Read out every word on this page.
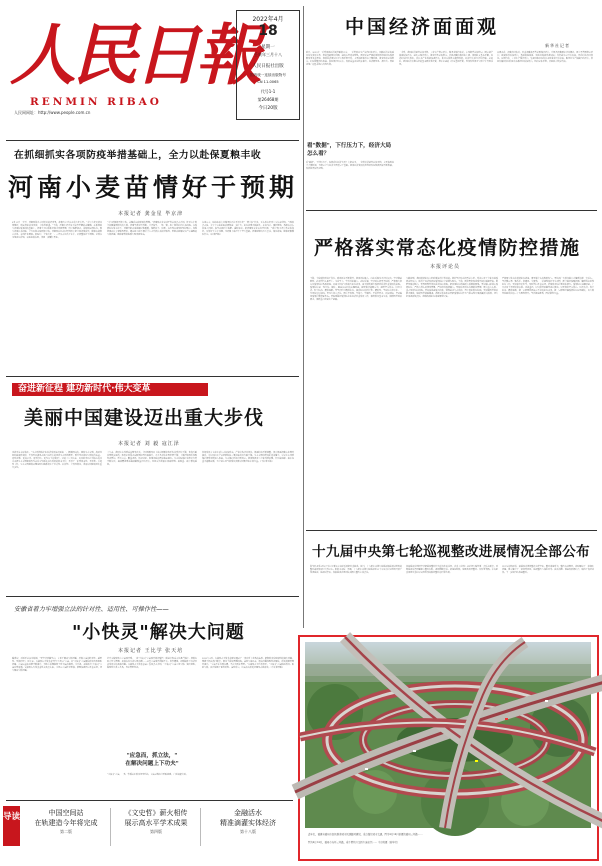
人民日報
RENMIN RIBAO
人民网网址：http://www.people.com.cn
2022年4月
18
星期一
壬寅年三月十八
人民日报社出版
国内统一连续出版物号
CN 11-0065
代号1-1
第26468期
今日20版
中国经济面面观
新华社记者
近日，2022年一季度国民经济运行数据公布，一季度国内生产总值同比增长，国民经济总体延续恢复发展态势，稳的基础继续巩固，进的态势更加明显。面对复杂严峻的国际环境和国内疫情散发等多重考验，我国经济顶住压力实现平稳开局，主要指标保持在合理区间，就业物价总体稳定，结构调整持续推进，新动能持续成长，发展质量效益稳步提升，经济韧性足、潜力大、回旋余地广的基本特点没有改变。
一季度，我国经济运行总体平稳，工业生产稳定增长，服务业保持恢复，市场销售总体稳定，固定资产投资较快增长，进出口保持增长，就业形势总体稳定，居民消费价格温和上涨，国际收支基本平衡，经济结构持续优化，高技术产业投资快速增长，新业态新模式蓬勃发展，经济增长动力持续增强。总的看，我国经济长期向好的基本面没有改变，稳中求进的工作总基调不变，有条件有能力实现全年目标任务。
从需求看，消费持续恢复，社会消费品零售总额保持增长，升级类消费需求持续释放，网上零售额稳定增长；投资保持较快增长，基础设施投资、制造业投资增速加快；外贸进出口增长较快，贸易结构持续优化。从供给看，工业生产保持增长，装备制造业和高技术制造业增长较快，服务业生产指数持续增长，信息传输软件和信息技术服务业较快增长。物价总体平稳，居民收入稳步增加。
看"数据"，下行压力下，经济大局怎么看？
看"数据"，下行压力下，如何看待经济大局？专家认为，一季度经济运行总体平稳，主要指标处于合理区间，为稳定全年经济大盘奠定了基础。我国经济发展的有利条件和积极因素不断积累，发展前景依然光明。
在抓细抓实各项防疫举措基础上，全力以赴保夏粮丰收
河南小麦苗情好于预期
本报记者 龚金星 毕京津
4月15日一大早，河南省新乡市原阳县的麦田里，种粮大户正在查看小麦长势。"今年小麦苗情比预期好，病虫害防治也及时，丰收有希望。"当前，河南小麦正处于拔节孕穗的关键期。在抓细抓实各项防疫举措的基础上，河南全力以赴抓好春季田间管理，科学施肥浇水，加强病虫害防控，落实各项技术措施，全力以赴夺取夏粮丰收。河南省农业农村厅组织专家分赴各地指导，确保农资供应充足、农机作业顺畅。据统计，全省小麦一、二类苗占比高于往年，苗情整体好于预期。记者在多地走访看到，农民抢抓农时，田间一派繁忙景象。
"今年夏粮能不能丰收，关键看这段时间的管理。"河南省农业农村厅有关负责人介绍，针对去年秋冬种晚播面积大的实际，河南早谋划早部署，分类指导，一地一策，推广促弱转壮技术措施。在疫情防控常态化下，河南开辟农资运输绿色通道，保障种子、化肥、农药等农资及时到村到户。各地组建农技专家服务团队，通过线上线下相结合方式开展技术指导服务，帮助农民解决生产中遇到的实际问题，确保春管措施落实到田间地头。
在周口市，统防统治专业服务队正在开展小麦"一喷三防"作业，无人机在麦田上空往来穿梭。当地负责人说，今年全市统防统治面积进一步扩大，防控效率大幅提升。在驻马店、南阳等地，各级农技人员深入田间，指导农民科学施肥、适时浇水。据河南省农业农村厅监测，当前全省小麦长势总体良好，苗情好于去年同期，为夏粮丰收打下了坚实基础。河南将继续压实责任，强化措施，确保夏粮颗粒归仓。（转第四版）
严格落实常态化疫情防控措施
本报评论员
当前，全球疫情仍处于高位，病毒还在不断变异，我国外防输入、内防反弹压力持续加大。坚持就是胜利，必须坚持人民至上、生命至上，坚持外防输入、内防反弹，坚持动态清零不动摇，严格落实常态化疫情防控各项措施，以最小代价实现最大防控效果，最大限度减少疫情对经济社会发展的影响。疫情防控是一场大仗、硬仗，越是在这样的关键时刻，越要保持战略定力，越要坚定信心、同舟共济、科学防治、精准施策。要坚持科学精准防控，提高防控的科学性、精准性，坚决防止简单化、一刀切和层层加码。要压实各方责任，落实早发现、早报告、早隔离、早治疗要求，以快制快，坚决遏制疫情扩散蔓延势头。要统筹做好疫情防控和经济社会发展工作，保障群众基本生活，保障医疗救治需求，保障重点物资生产运输。
实践证明，我国疫情防控方针政策是科学有效的。我们坚持动态清零总方针，有效应对了全球多轮疫情流行冲击，保持了经济发展和疫情防控全球领先地位。当前，面对奥密克戎变异株传播速度快、隐匿性强的特点，要因时因势优化完善防控措施，把各项防控措施抓实抓细抓落地。要加强口岸城市疫情防控，严格入境人员闭环管理，严防境外疫情输入。要强化社区防控网格化管理，落实重点人群、重点场所防控措施。要加快推进疫苗接种，特别是老年人接种，筑牢群防群控防线。要加强医疗救治能力建设，做好医疗资源储备。各级党委和政府要把疫情防控作为当前头等大事抓紧抓实抓细，切实担负起属地责任，确保各项防控措施落到实处。
严格落实常态化疫情防控措施，需要每个人的积极参与。要动员广大群众做自己健康的第一责任人，坚持戴口罩、勤洗手、常通风、少聚集、一米线等良好卫生习惯，配合做好核酸检测、健康码查验等防控工作。要加强宣传引导，及时回应社会关切，增强群众防护意识和能力。疫情防控关键时刻，广大党员干部要冲锋在前、勇挑重担，以实际行动践行初心使命。只要我们坚定信心、同舟共济，科学防治、精准施策，就一定能够巩固来之不易的防控成果，就一定能够打赢疫情防控这场硬仗，以实际行动迎接党的二十大胜利召开。坚持就是胜利，团结就有力量。
奋进新征程 建功新时代·伟大变革
美丽中国建设迈出重大步伐
本报记者 刘 毅 寇江泽
习近平总书记指出，"生态环境保护和经济发展是辩证统一、相辅相成的，建设生态文明、推动绿色低碳循环发展，不仅可以满足人民日益增长的优美生态环境需要，而且可以推动实现更高质量、更有效率、更加公平、更可持续、更为安全的发展"。党的十八大以来，以习近平同志为核心的党中央把生态文明建设作为关系中华民族永续发展的根本大计，开展了一系列根本性、开创性、长远性工作，生态文明建设从理论到实践都发生了历史性、转折性、全局性变化，美丽中国建设迈出重大步伐。
十年来，我国生态环境质量明显改善。全国地级及以上城市细颗粒物平均浓度持续下降，优良天数比例稳步提高；地表水优良水质断面比例大幅提升，劣五类水体比例显著下降；土壤污染风险得到有效管控。蓝天白云、繁星闪烁，清水绿岸、鱼翔浅底的景象越来越多。生态系统保护和修复力度不断加大，森林覆盖率和森林蓄积量持续增长，绿色成为美丽中国最鲜明、最厚重、最牢靠的底色。
绿色发展方式和生活方式加快形成。产业结构持续优化，能源结构不断调整，清洁能源消费占比明显提高，单位国内生产总值能耗和二氧化碳排放大幅下降。生态文明制度体系更加健全，中央生态环境保护督察制度深入推进，生态保护红线全面划定。我国积极参与全球环境治理，作出碳达峰、碳中和重大战略决策，为全球应对气候变化贡献中国智慧和中国力量。（下转第五版）
十九届中央第七轮巡视整改进展情况全部公布
新华社北京4月17日电 记者从中央纪委国家监委获悉，近日，十九届中央第七轮巡视被巡视党组织的整改进展情况已全部公布。根据中央统一部署，十九届中央第七轮巡视对25个中央单位党组织开展了常规巡视，巡视反馈后，各被巡视党组织认真落实整改主体责任。
各被巡视党组织坚持把巡视整改作为重大政治任务，党委（党组）书记切实履行第一责任人职责，对照巡视反馈问题建立整改台账，逐项明确责任、措施和时限，做到条条要整改、件件有着落。中央纪委国家监委和中央组织部加强对整改的日常监督。
从公布的情况看，被巡视党组织整改态度坚决，整改措施有力，整改成效明显，推动解决了一批突出问题，建立健全了一批制度机制，巡视整改与深化改革、完善治理、促进发展相结合，取得了良好效果。下一步将持续推进整改。
安徽省着力牢增强立法的针对性、适用性、可操作性——
"小快灵"解决大问题
本报记者 王比学 张天培
编者按：习近平总书记强调，"要坚持问题导向，立足于解决实际问题，增强立法的针对性、适用性、可操作性"。近年来，安徽省人大常委会坚持"小切口"立法，以"小快灵"立法解决群众急难愁盼问题，立法质量和效率不断提升，为地方治理提供了有力法治保障。今日起，本版推出"小快灵"立法系列报道。安徽省人大常委会有关负责人说，小切口立法针对性强，能够快速回应社会关切，切实解决实际问题。
打开安徽省地方立法项目库，一批"小快灵"立法项目格外醒目：促进非物质文化遗产保护、规范电动自行车管理、加强农村生活垃圾治理……这些立法项目篇幅不长、条款精练，却都瞄准了经济社会发展中的具体问题。安徽省人大常委会法工委负责人介绍，"小快灵"立法立足实际、突出特色，做到有几条立几条，务求管用有效。
2021年4月，安徽省人大常委会审议通过了一部只有十余条的法规，聚焦群众反映强烈的突出问题，明确了相关部门职责，细化了具体管理措施。法规实施以来，相关问题得到有效解决，群众满意度明显提升。"立法不在多而在精，不在大而在管用。"安徽省人大代表表示，"小快灵"立法贴近群众、贴近实际，真正做到了民有所呼、法有所应，让法治成果更好惠及人民群众。（下转第四版）
"应急而，抓立法，"
在解决问题上下功夫"
"小快灵"立法，一条一款都关乎群众切身利益，立法过程充分听取民意，广泛凝聚共识。
近年来，福建省福州市加快推进城市快速路网建设，重点强化城市交通。图为4月14日拍摄的福州三环路……
图为4月14日，福州市内环三环路，乘车跨线立交桥车流如织…… 王东明摄（新华社）
导读	中国空间站
在轨建造今年将完成
第二版
《文史哲》薪火相传
展示高水平学术成果
第四版
金融活水
精准滴灌实体经济
第十八版
